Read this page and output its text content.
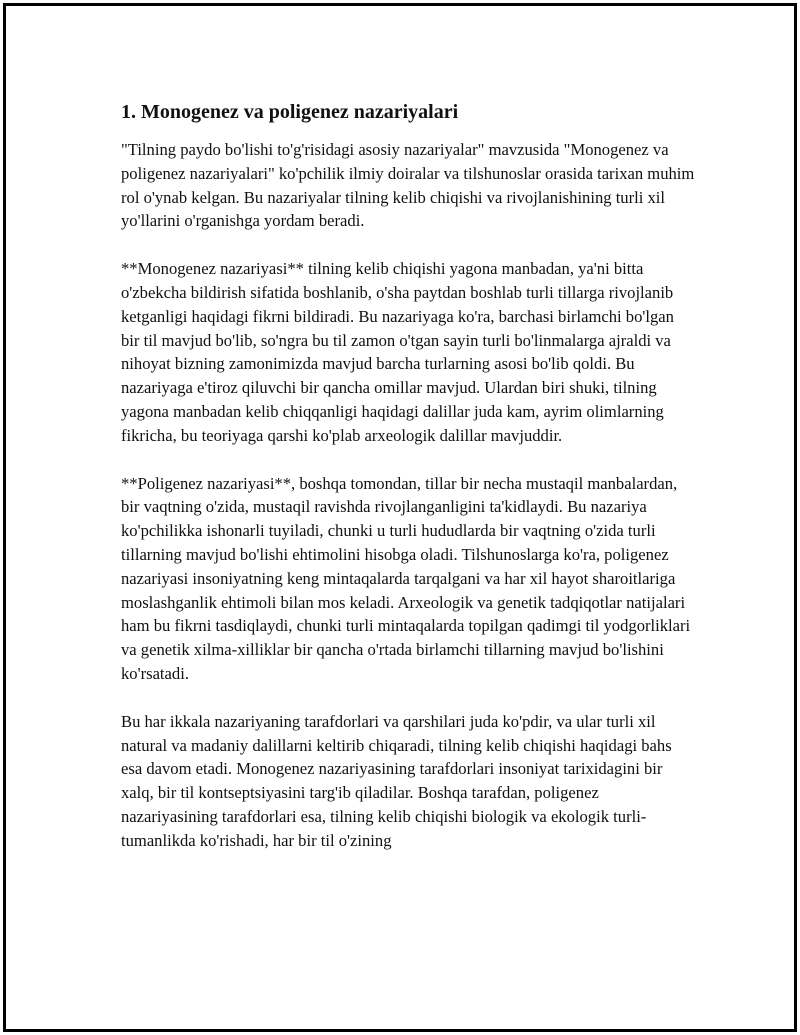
1. Monogenez va poligenez nazariyalari

"Tilning paydo bo'lishi to'g'risidagi asosiy nazariyalar" mavzusida "Monogenez va poligenez nazariyalari" ko'pchilik ilmiy doiralar va tilshunoslar orasida tarixan muhim rol o'ynab kelgan. Bu nazariyalar tilning kelib chiqishi va rivojlanishining turli xil yo'llarini o'rganishga yordam beradi.

**Monogenez nazariyasi** tilning kelib chiqishi yagona manbadan, ya'ni bitta o'zbekcha bildirish sifatida boshlanib, o'sha paytdan boshlab turli tillarga rivojlanib ketganligi haqidagi fikrni bildiradi. Bu nazariyaga ko'ra, barchasi birlamchi bo'lgan bir til mavjud bo'lib, so'ngra bu til zamon o'tgan sayin turli bo'linmalarga ajraldi va nihoyat bizning zamonimizda mavjud barcha turlarning asosi bo'lib qoldi. Bu nazariyaga e'tiroz qiluvchi bir qancha omillar mavjud. Ulardan biri shuki, tilning yagona manbadan kelib chiqqanligi haqidagi dalillar juda kam, ayrim olimlarning fikricha, bu teoriyaga qarshi ko'plab arxeologik dalillar mavjuddir.

**Poligenez nazariyasi**, boshqa tomondan, tillar bir necha mustaqil manbalardan, bir vaqtning o'zida, mustaqil ravishda rivojlanganligini ta'kidlaydi. Bu nazariya ko'pchilikka ishonarli tuyiladi, chunki u turli hududlarda bir vaqtning o'zida turli tillarning mavjud bo'lishi ehtimolini hisobga oladi. Tilshunoslarga ko'ra, poligenez nazariyasi insoniyatning keng mintaqalarda tarqalgani va har xil hayot sharoitlariga moslashganlik ehtimoli bilan mos keladi. Arxeologik va genetik tadqiqotlar natijalari ham bu fikrni tasdiqlaydi, chunki turli mintaqalarda topilgan qadimgi til yodgorliklari va genetik xilma-xilliklar bir qancha o'rtada birlamchi tillarning mavjud bo'lishini ko'rsatadi.

Bu har ikkala nazariyaning tarafdorlari va qarshilari juda ko'pdir, va ular turli xil natural va madaniy dalillarni keltirib chiqaradi, tilning kelib chiqishi haqidagi bahs esa davom etadi. Monogenez nazariyasining tarafdorlari insoniyat tarixidagini bir xalq, bir til kontseptsiyasini targ'ib qiladilar. Boshqa tarafdan, poligenez nazariyasining tarafdorlari esa, tilning kelib chiqishi biologik va ekologik turli-tumanlikda ko'rishadi, har bir til o'zining
